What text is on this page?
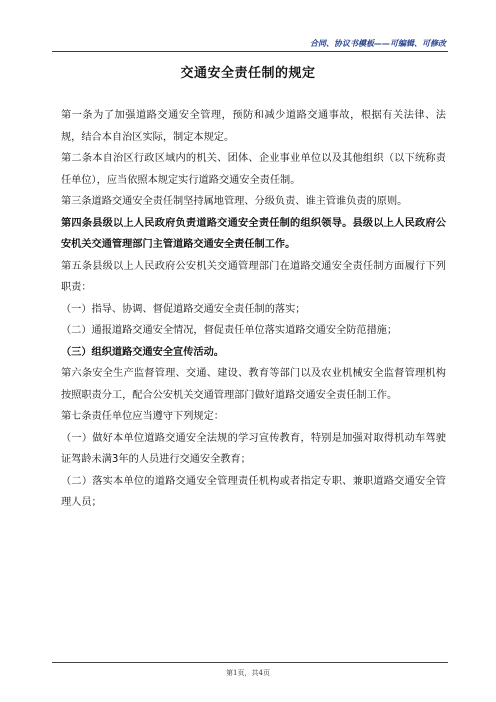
合同、协议书模板——可编辑、可修改
交通安全责任制的规定

第一条为了加强道路交通安全管理，预防和减少道路交通事故，根据有关法律、法规，结合本自治区实际，制定本规定。

第二条本自治区行政区域内的机关、团体、企业事业单位以及其他组织（以下统称责任单位），应当依照本规定实行道路交通安全责任制。

第三条道路交通安全责任制坚持属地管理、分级负责、谁主管谁负责的原则。

第四条县级以上人民政府负责道路交通安全责任制的组织领导。县级以上人民政府公安机关交通管理部门主管道路交通安全责任制工作。

第五条县级以上人民政府公安机关交通管理部门在道路交通安全责任制方面履行下列职责：

（一）指导、协调、督促道路交通安全责任制的落实；

（二）通报道路交通安全情况，督促责任单位落实道路交通安全防范措施；

（三）组织道路交通安全宣传活动。

第六条安全生产监督管理、交通、建设、教育等部门以及农业机械安全监督管理机构按照职责分工，配合公安机关交通管理部门做好道路交通安全责任制工作。

第七条责任单位应当遵守下列规定：

（一）做好本单位道路交通安全法规的学习宣传教育，特别是加强对取得机动车驾驶证驾龄未满3年的人员进行交通安全教育；

（二）落实本单位的道路交通安全管理责任机构或者指定专职、兼职道路交通安全管理人员；

第1页，共4页
